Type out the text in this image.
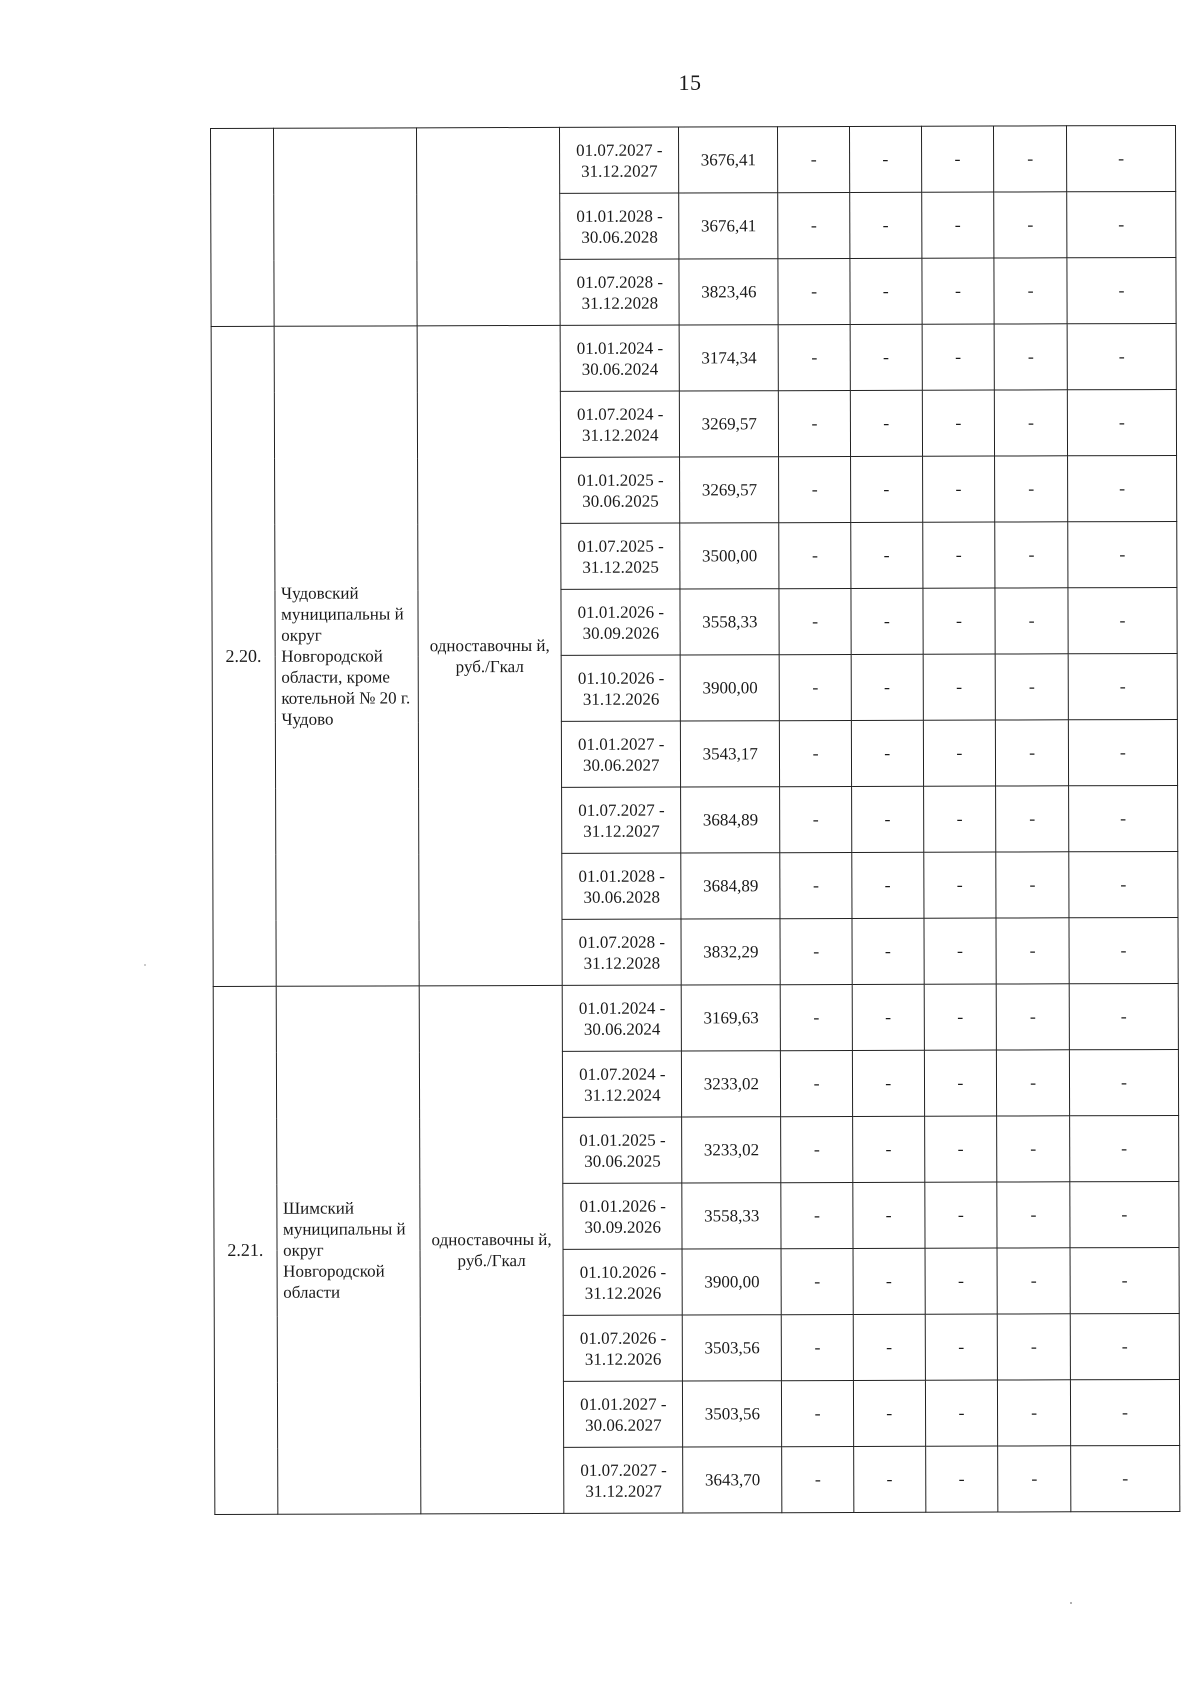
15
			01.07.2027 - 31.12.2027	3676,41	-	-	-	-	-
			01.01.2028 - 30.06.2028	3676,41	-	-	-	-	-
			01.07.2028 - 31.12.2028	3823,46	-	-	-	-	-
2.20.	Чудовский муниципальны й округ Новгородской области, кроме котельной № 20 г. Чудово	одноставочны й, руб./Гкал	01.01.2024 - 30.06.2024	3174,34	-	-	-	-	-
			01.07.2024 - 31.12.2024	3269,57	-	-	-	-	-
			01.01.2025 - 30.06.2025	3269,57	-	-	-	-	-
			01.07.2025 - 31.12.2025	3500,00	-	-	-	-	-
			01.01.2026 - 30.09.2026	3558,33	-	-	-	-	-
			01.10.2026 - 31.12.2026	3900,00	-	-	-	-	-
			01.01.2027 - 30.06.2027	3543,17	-	-	-	-	-
			01.07.2027 - 31.12.2027	3684,89	-	-	-	-	-
			01.01.2028 - 30.06.2028	3684,89	-	-	-	-	-
			01.07.2028 - 31.12.2028	3832,29	-	-	-	-	-
2.21.	Шимский муниципальны й округ Новгородской области	одноставочны й, руб./Гкал	01.01.2024 - 30.06.2024	3169,63	-	-	-	-	-
			01.07.2024 - 31.12.2024	3233,02	-	-	-	-	-
			01.01.2025 - 30.06.2025	3233,02	-	-	-	-	-
			01.01.2026 - 30.09.2026	3558,33	-	-	-	-	-
			01.10.2026 - 31.12.2026	3900,00	-	-	-	-	-
			01.07.2026 - 31.12.2026	3503,56	-	-	-	-	-
			01.01.2027 - 30.06.2027	3503,56	-	-	-	-	-
			01.07.2027 - 31.12.2027	3643,70	-	-	-	-	-
